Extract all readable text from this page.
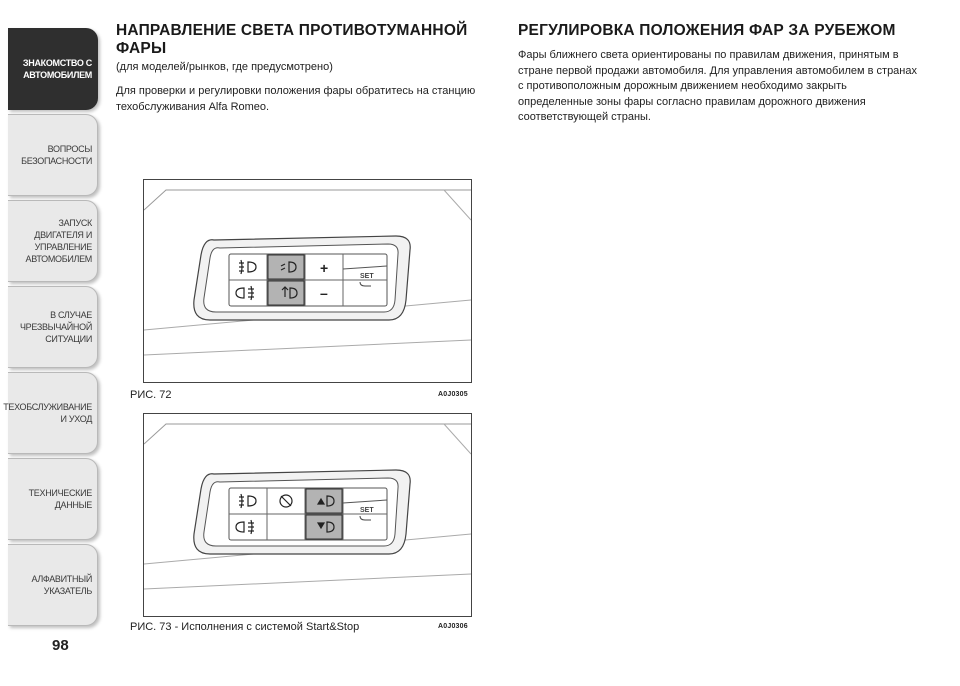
ЗНАКОМСТВО С
АВТОМОБИЛЕМ
ВОПРОСЫ
БЕЗОПАСНОСТИ
ЗАПУСК ДВИГАТЕЛЯ И
УПРАВЛЕНИЕ
АВТОМОБИЛЕМ
В СЛУЧАЕ
ЧРЕЗВЫЧАЙНОЙ
СИТУАЦИИ
ТЕХОБСЛУЖИВАНИЕ
И УХОД
ТЕХНИЧЕСКИЕ
ДАННЫЕ
АЛФАВИТНЫЙ
УКАЗАТЕЛЬ
98
НАПРАВЛЕНИЕ СВЕТА ПРОТИВОТУМАННОЙ ФАРЫ
(для моделей/рынков, где предусмотрено)

Для проверки и регулировки положения фары обратитесь на станцию техобслуживания Alfa Romeo.

РЕГУЛИРОВКА ПОЛОЖЕНИЯ ФАР ЗА РУБЕЖОМ

Фары ближнего света ориентированы по правилам движения, принятым в стране первой продажи автомобиля. Для управления автомобилем в странах с противоположным дорожным движением необходимо закрыть определенные зоны фары согласно правилам дорожного движения соответствующей страны.

+
–
SET
РИС. 72	A0J0305
SET
РИС. 73 - Исполнения с системой Start&Stop	A0J0306
